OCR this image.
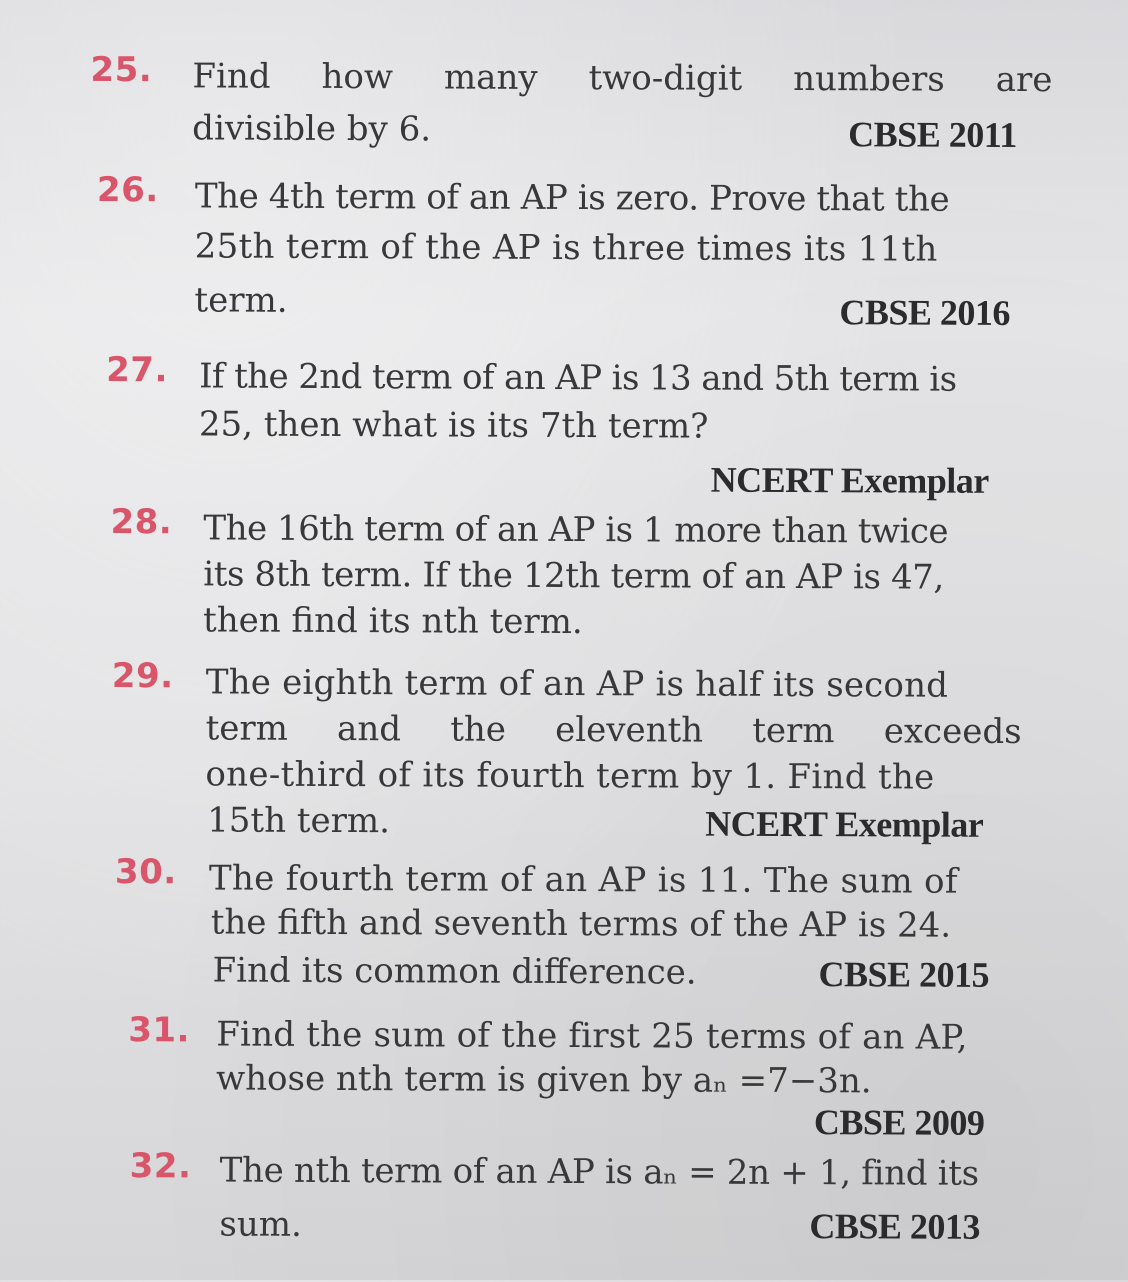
25. Find how many two-digit numbers are
divisible by 6.	CBSE 2011
26. The 4th term of an AP is zero. Prove that the
25th term of the AP is three times its 11th
term.	CBSE 2016
27. If the 2nd term of an AP is 13 and 5th term is
25, then what is its 7th term?
NCERT Exemplar
28. The 16th term of an AP is 1 more than twice
its 8th term. If the 12th term of an AP is 47,
then find its nth term.
29. The eighth term of an AP is half its second
term and the eleventh term exceeds
one-third of its fourth term by 1. Find the
15th term.	NCERT Exemplar
30. The fourth term of an AP is 11. The sum of
the fifth and seventh terms of the AP is 24.
Find its common difference.	CBSE 2015
31. Find the sum of the first 25 terms of an AP,
whose nth term is given by aₙ =7−3n.
CBSE 2009
32. The nth term of an AP is aₙ = 2n + 1, find its
sum.	CBSE 2013
